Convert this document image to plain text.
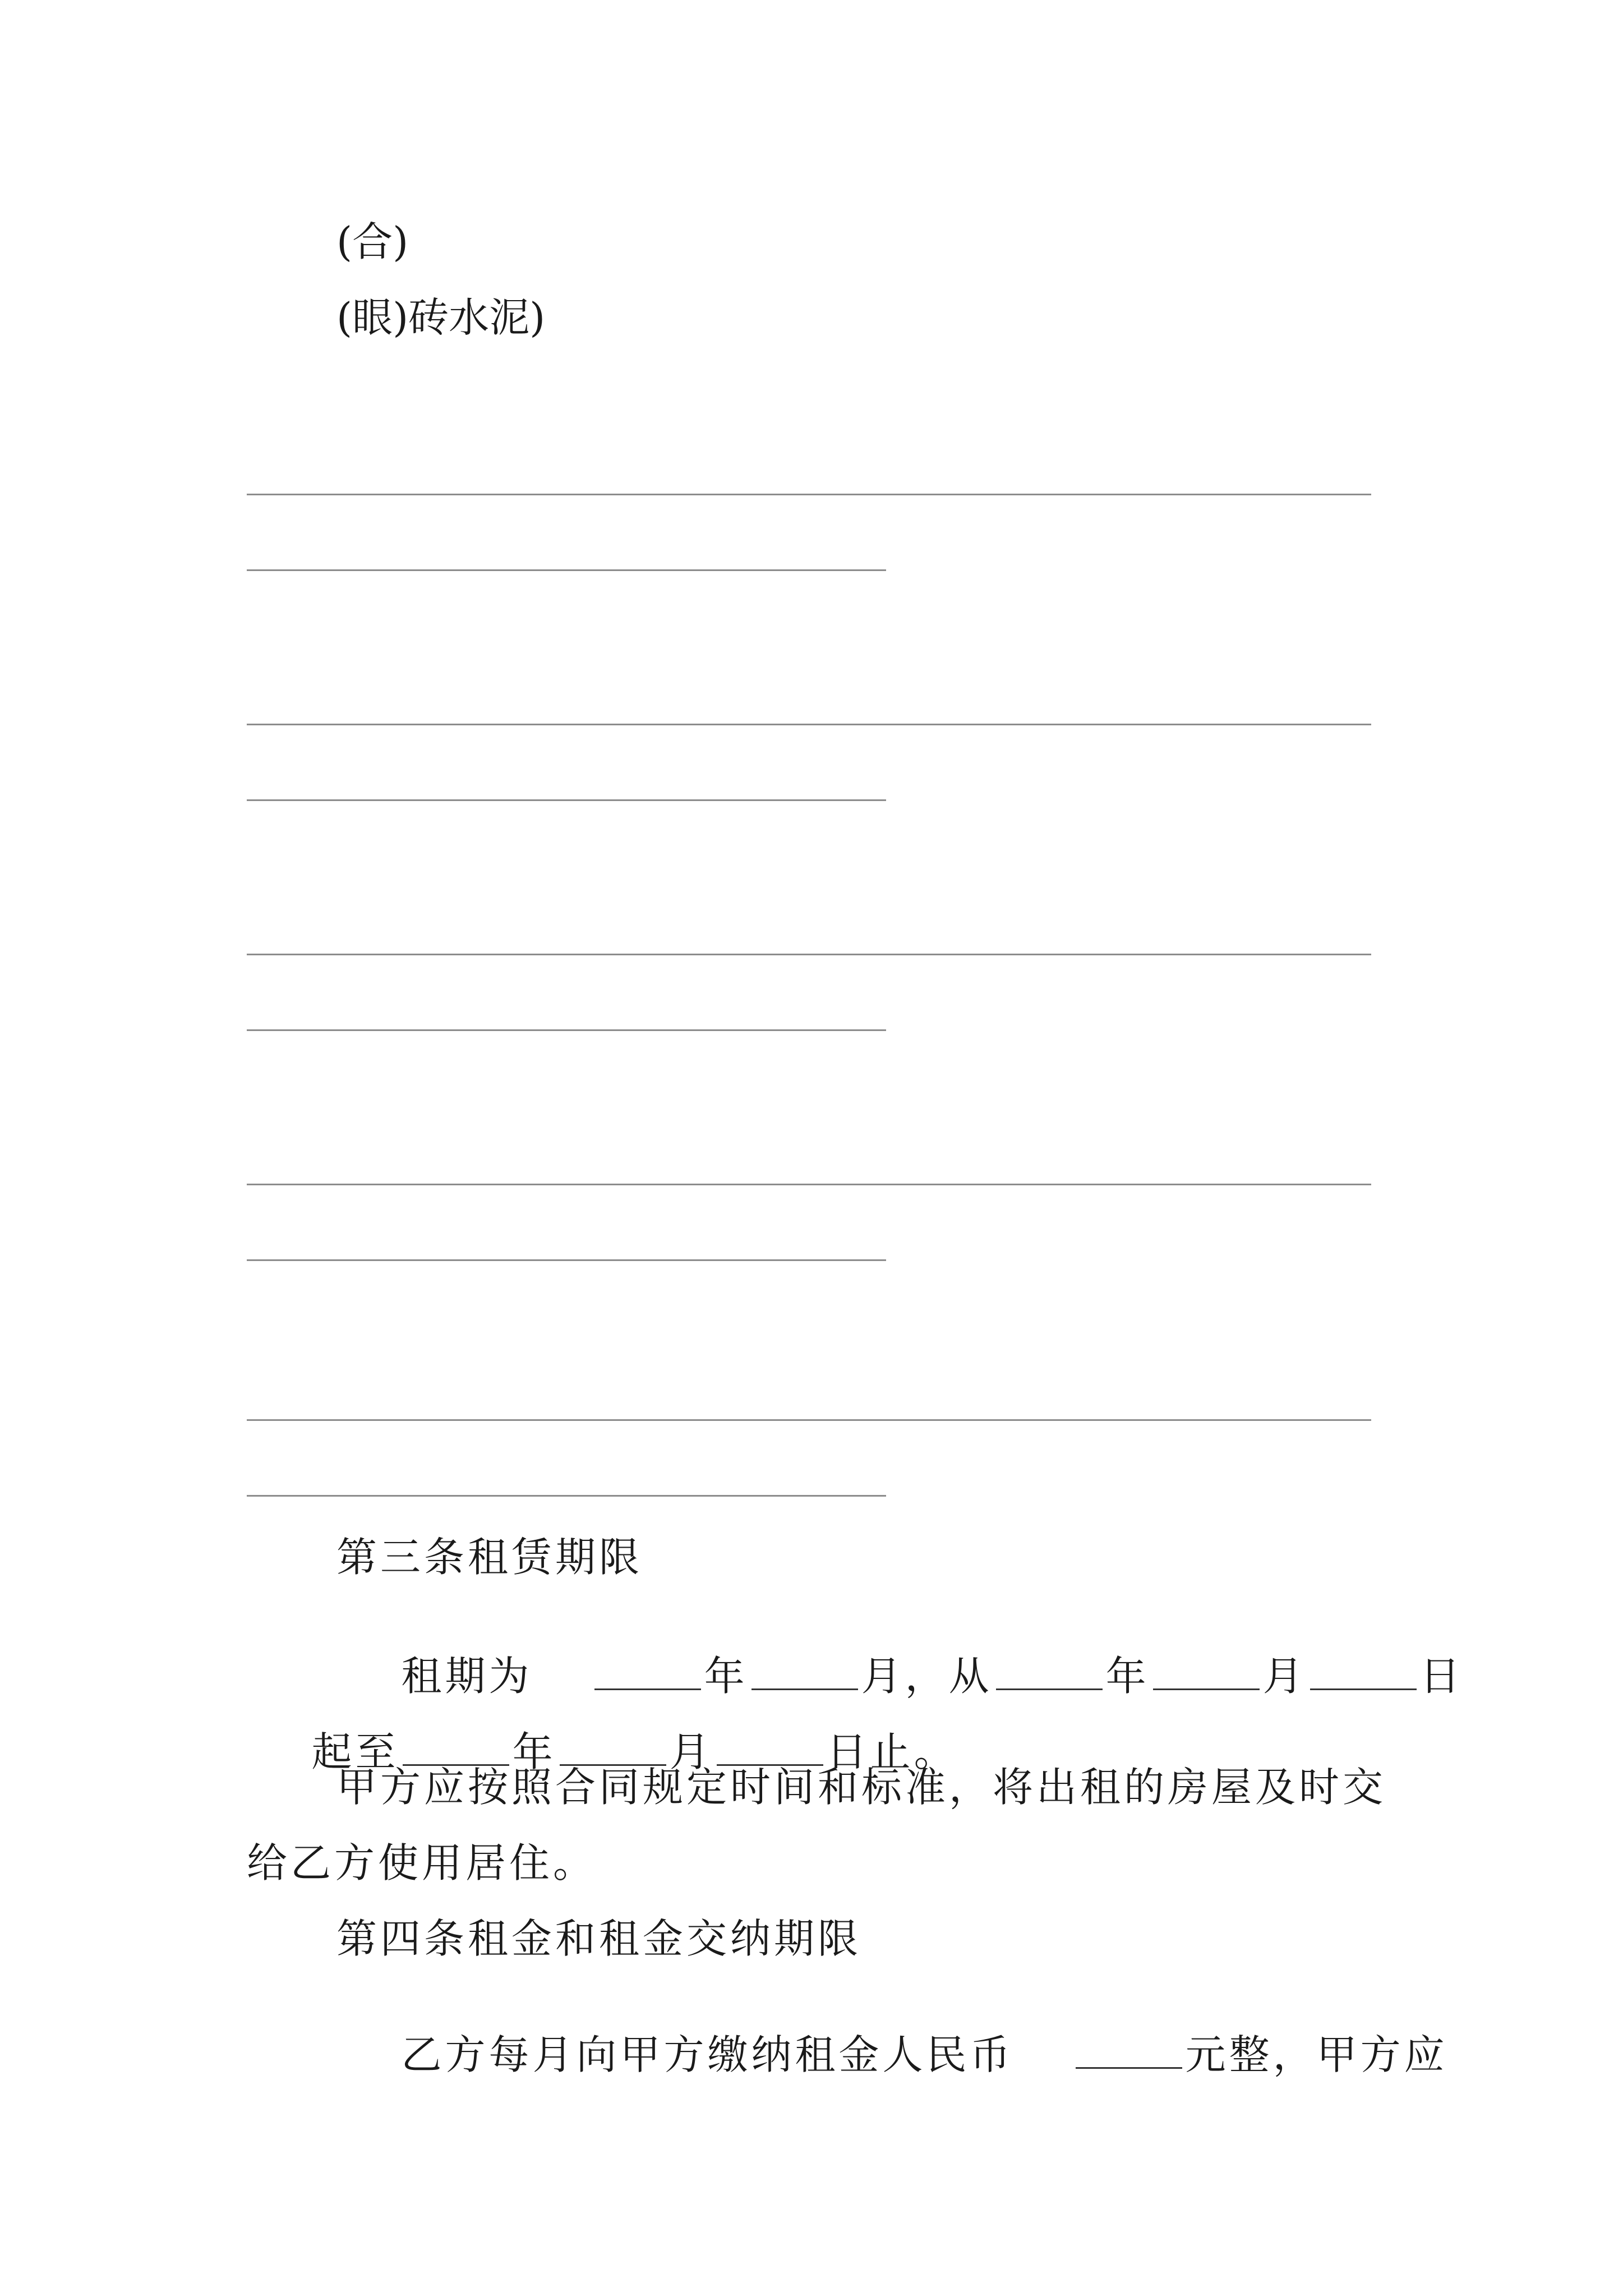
(合)
(眼)砖水泥)
第三条租赁期限

租期为	年	月，从	年	月	日

起至	年	月	日止。

甲方应按照合同规定时间和标准，将出租的房屋及时交
给乙方使用居住。
第四条租金和租金交纳期限

乙方每月向甲方缴纳租金人民币	元整，甲方应
